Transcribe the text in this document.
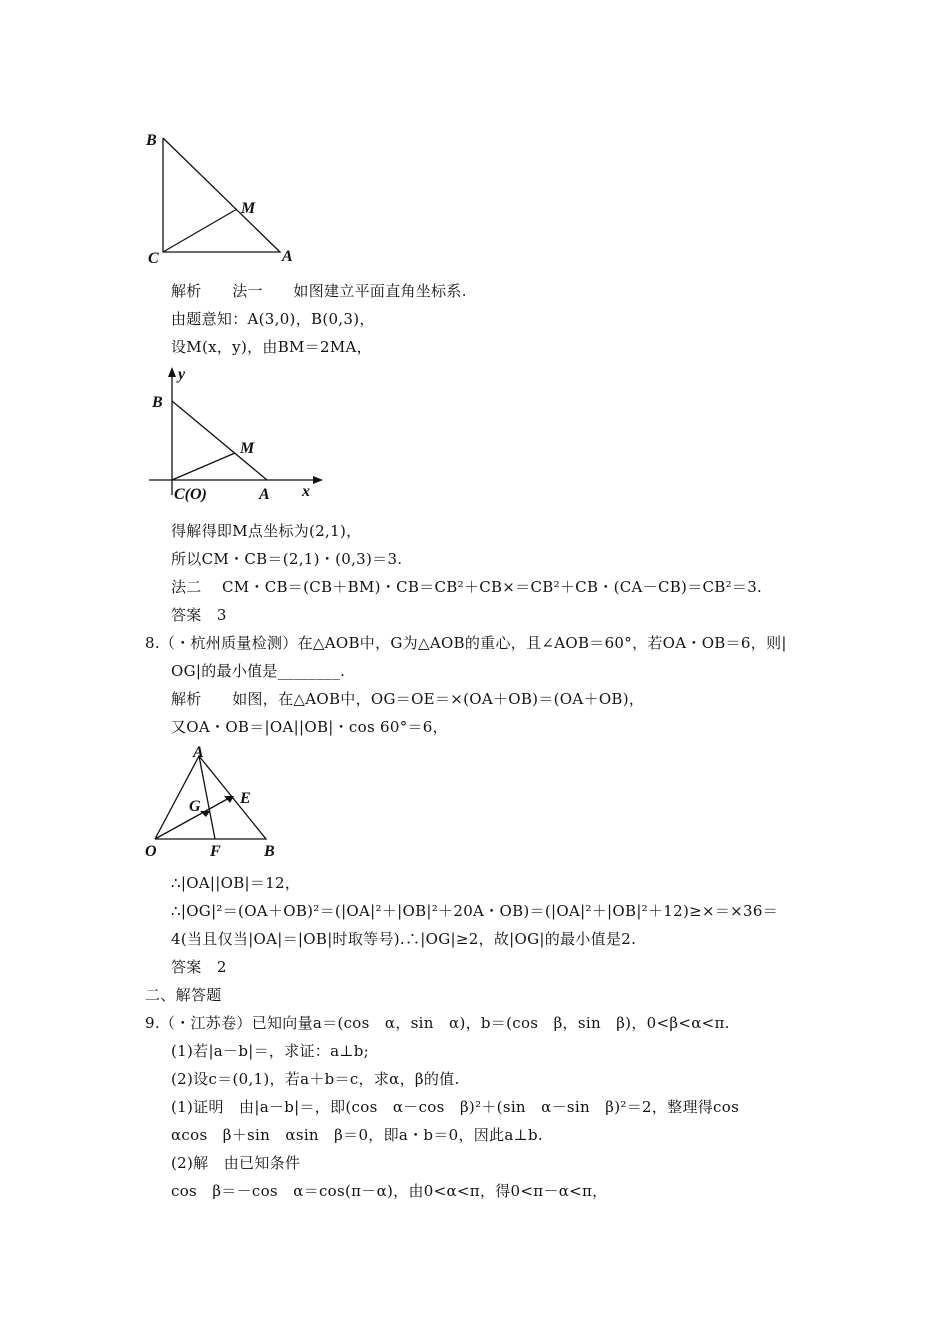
B
M
C	A
y
B
M
C(O)	A x
A
G E
O	F	B
解析　　法一　　如图建立平面直角坐标系.
由题意知：A(3,0)，B(0,3)，
设M(x，y)，由BM＝2MA，
得解得即M点坐标为(2,1)，
所以CM・CB＝(2,1)・(0,3)＝3.
法二　 CM・CB＝(CB＋BM)・CB＝CB²＋CB×＝CB²＋CB・(CA－CB)＝CB²＝3.
答案　3
8.（・杭州质量检测）在△AOB中，G为△AOB的重心，且∠AOB＝60°，若OA・OB＝6，则|
OG|的最小值是________.
解析　　如图，在△AOB中，OG＝OE＝×(OA＋OB)＝(OA＋OB)，
又OA・OB＝|OA||OB|・cos 60°＝6，
∴|OA||OB|＝12，
∴|OG|²＝(OA＋OB)²＝(|OA|²＋|OB|²＋20A・OB)＝(|OA|²＋|OB|²＋12)≥×＝×36＝
4(当且仅当|OA|＝|OB|时取等号).∴|OG|≥2，故|OG|的最小值是2.
答案　2
二、解答题
9.（・江苏卷）已知向量a＝(cos　α，sin　α)，b＝(cos　β，sin　β)，0<β<α<π.
(1)若|a－b|＝，求证：a⊥b;
(2)设c＝(0,1)，若a＋b＝c，求α，β的值.
(1)证明　由|a－b|＝，即(cos　α－cos　β)²＋(sin　α－sin　β)²＝2，整理得cos
αcos　β＋sin　αsin　β＝0，即a・b＝0，因此a⊥b.
(2)解　由已知条件
cos　β＝－cos　α＝cos(π－α)，由0<α<π，得0<π－α<π，
